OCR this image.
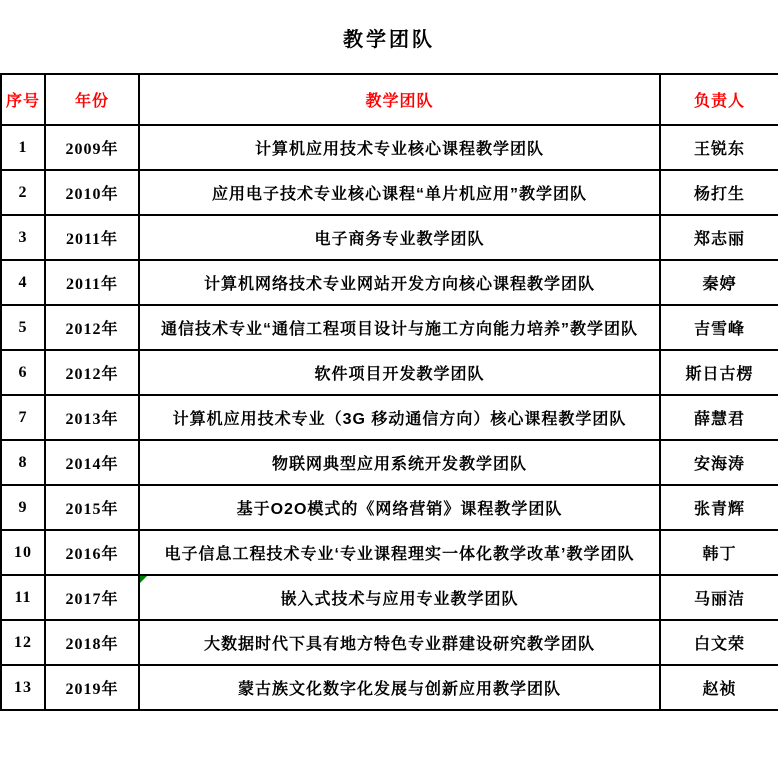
教学团队
序号	年份	教学团队	负责人
1	2009年	计算机应用技术专业核心课程教学团队	王锐东
2	2010年	应用电子技术专业核心课程“单片机应用”教学团队	杨打生
3	2011年	电子商务专业教学团队	郑志丽
4	2011年	计算机网络技术专业网站开发方向核心课程教学团队	秦婷
5	2012年	通信技术专业“通信工程项目设计与施工方向能力培养”教学团队	吉雪峰
6	2012年	软件项目开发教学团队	斯日古楞
7	2013年	计算机应用技术专业（3G 移动通信方向）核心课程教学团队	薛慧君
8	2014年	物联网典型应用系统开发教学团队	安海涛
9	2015年	基于O2O模式的《网络营销》课程教学团队	张青辉
10	2016年	电子信息工程技术专业‘专业课程理实一体化教学改革’教学团队	韩丁
11	2017年	嵌入式技术与应用专业教学团队	马丽洁
12	2018年	大数据时代下具有地方特色专业群建设研究教学团队	白文荣
13	2019年	蒙古族文化数字化发展与创新应用教学团队	赵祯
